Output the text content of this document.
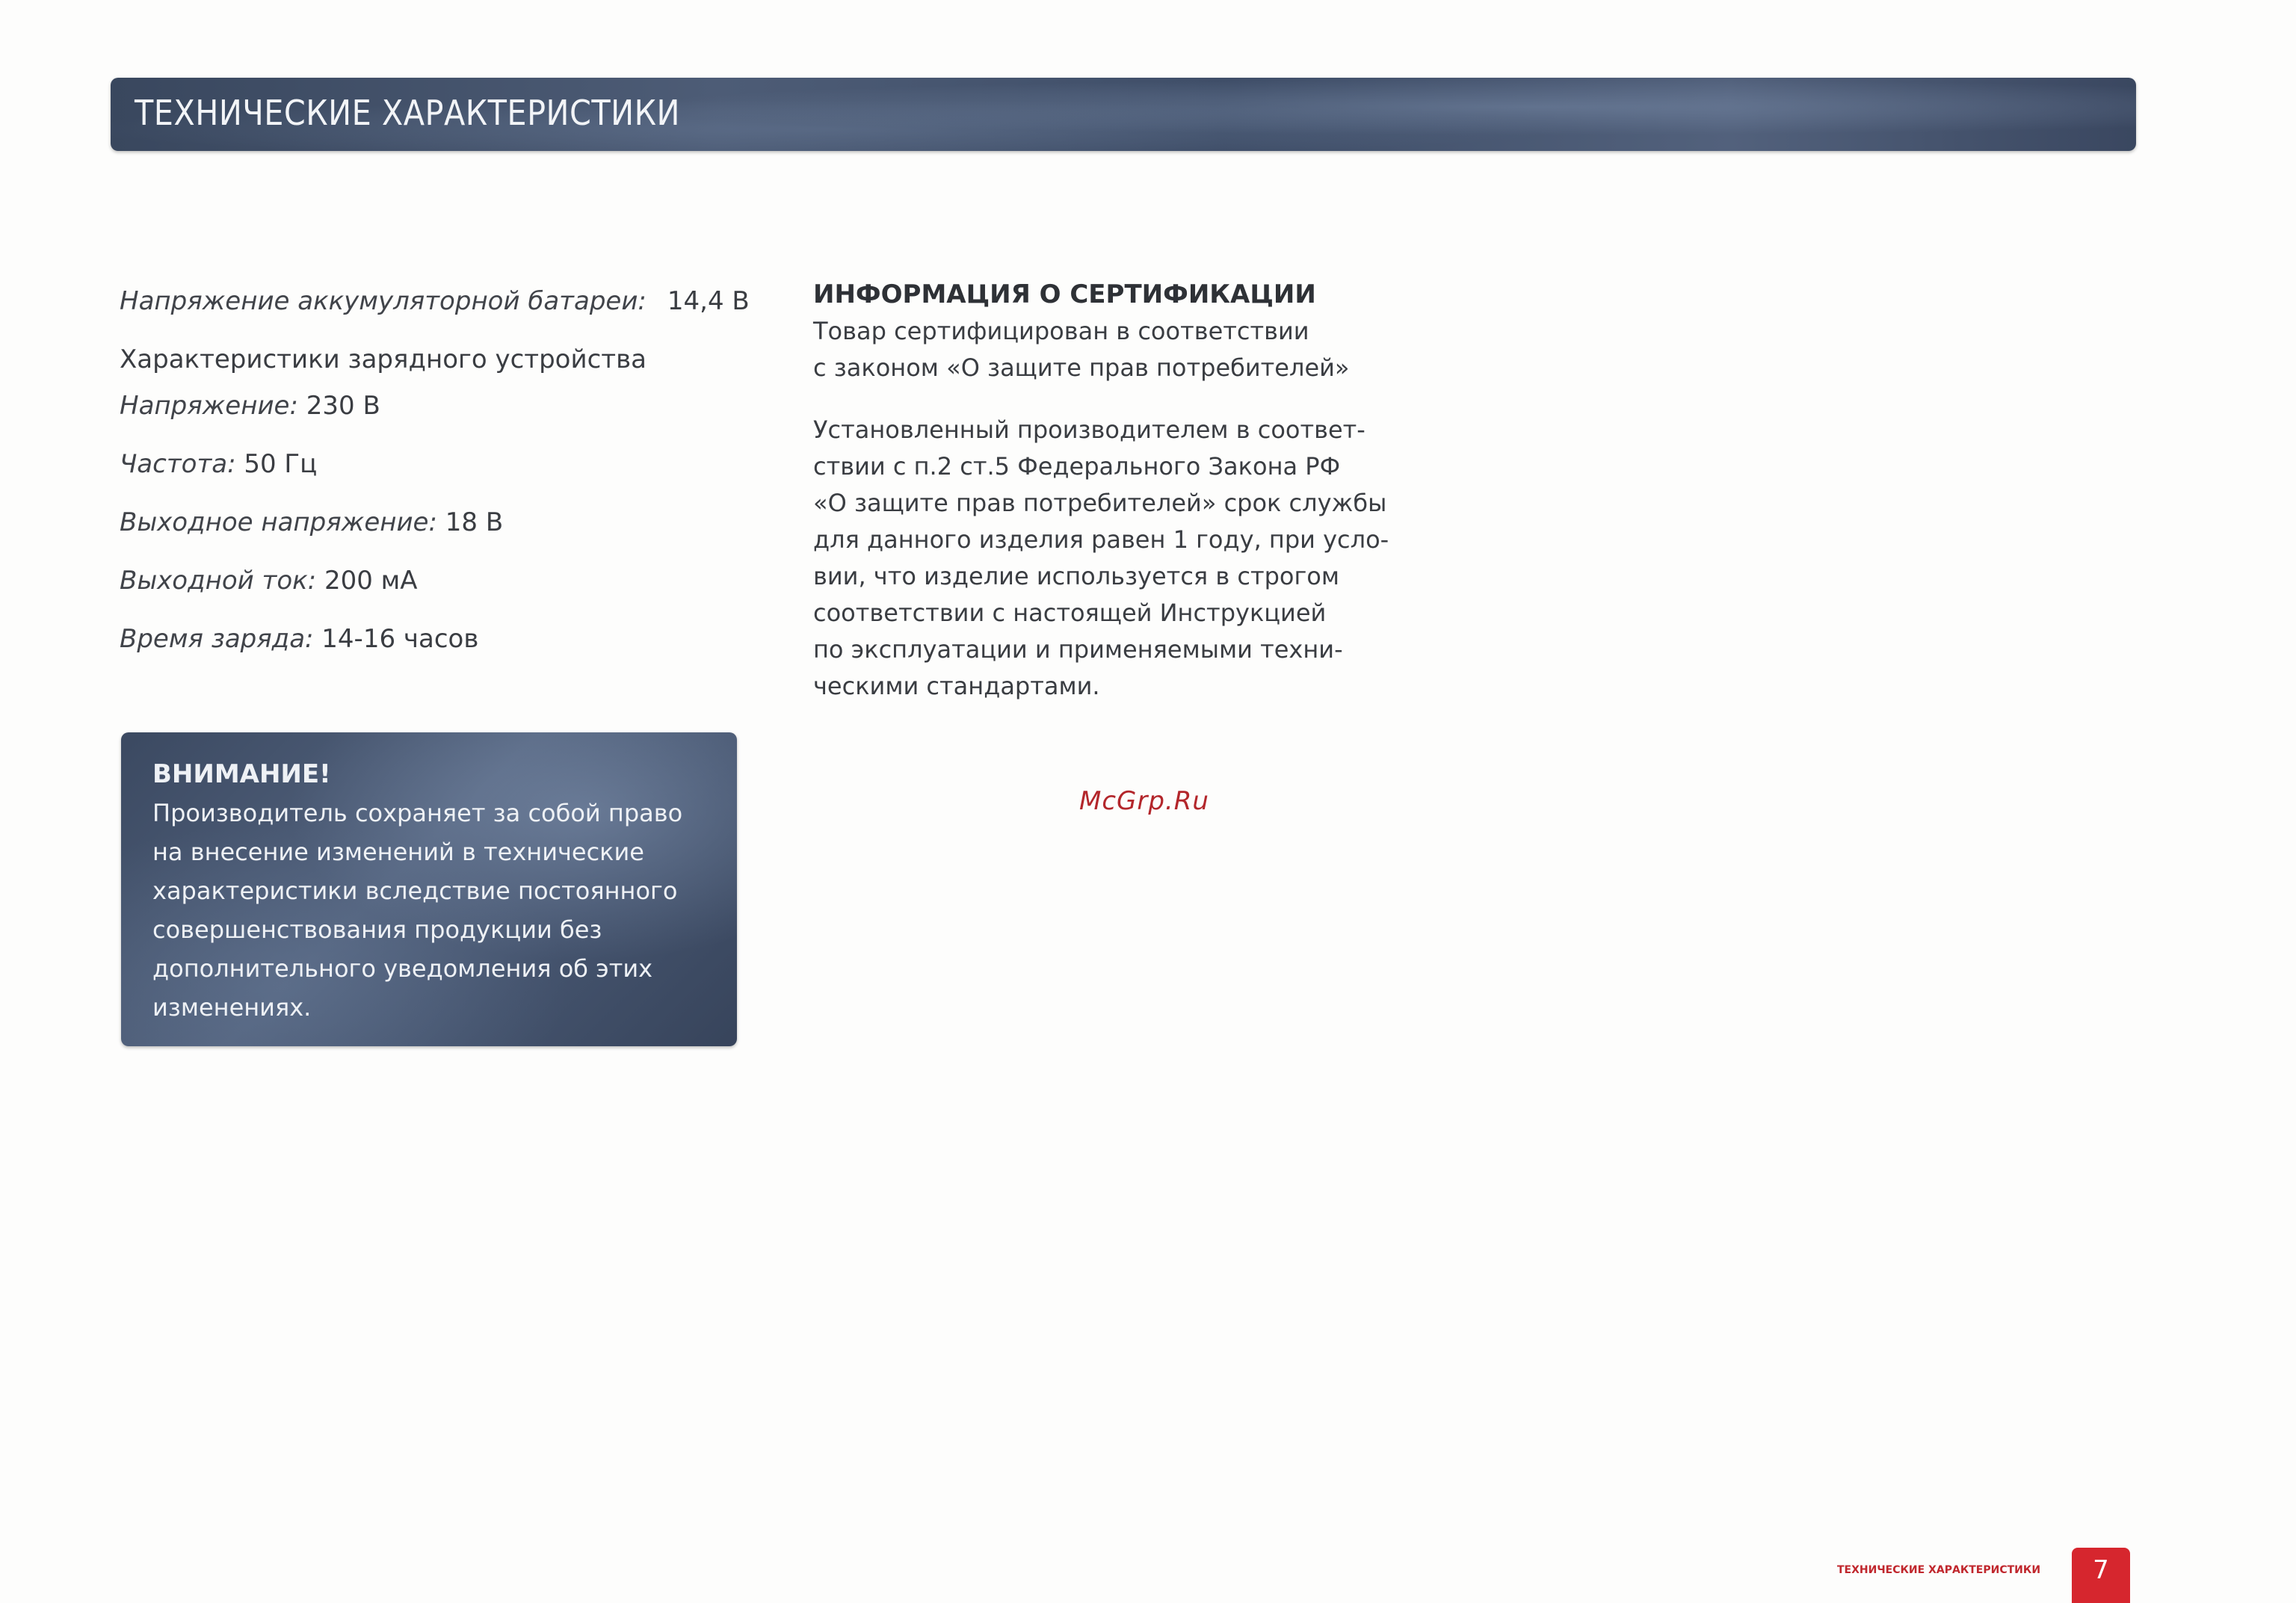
ТЕХНИЧЕСКИЕ ХАРАКТЕРИСТИКИ
Напряжение аккумуляторной батареи: 14,4 В
Характеристики зарядного устройства
Напряжение: 230 В
Частота: 50 Гц
Выходное напряжение: 18 В
Выходной ток: 200 мА
Время заряда: 14-16 часов
ВНИМАНИЕ!
Производитель сохраняет за собой право
на внесение изменений в технические
характеристики вследствие постоянного
совершенствования продукции без
дополнительного уведомления об этих
изменениях.
ИНФОРМАЦИЯ О СЕРТИФИКАЦИИ
Товар сертифицирован в соответствии
с законом «О защите прав потребителей»
Установленный производителем в соответ-
ствии с п.2 ст.5 Федерального Закона РФ
«О защите прав потребителей» срок службы
для данного изделия равен 1 году, при усло-
вии, что изделие используется в строгом
соответствии с настоящей Инструкцией
по эксплуатации и применяемыми техни-
ческими стандартами.
McGrp.Ru
ТЕХНИЧЕСКИЕ ХАРАКТЕРИСТИКИ	7
